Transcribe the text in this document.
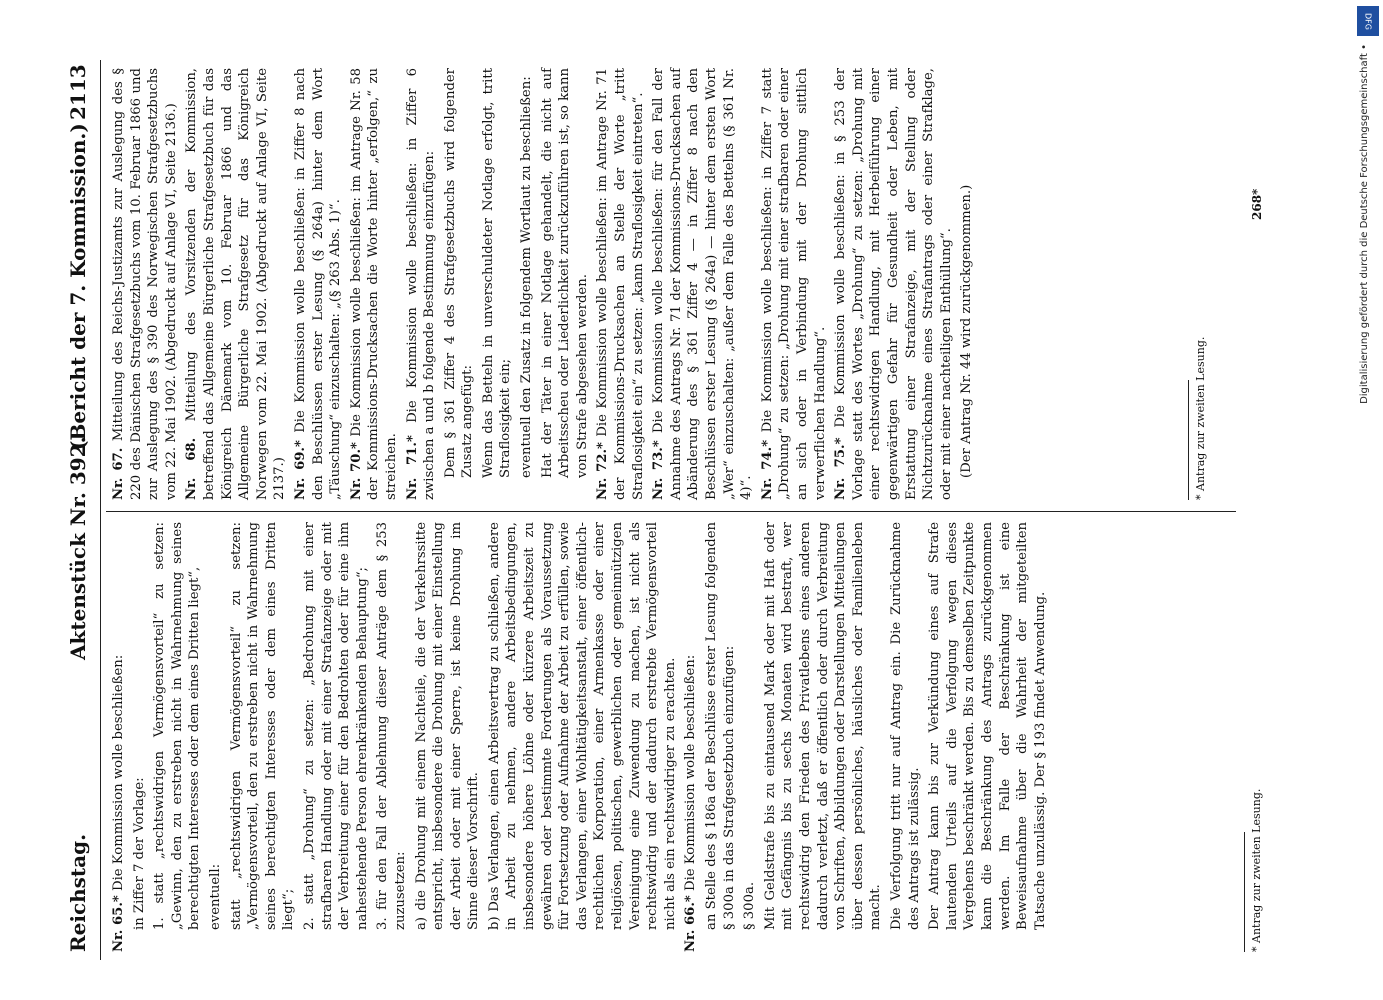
Reichstag.
Aktenstück Nr. 392.
(Bericht der 7. Kommission.)
2113

Nr. 65.* Die Kommission wolle beschließen: in Ziffer 7 der Vorlage: 1. statt „rechtswidrigen Vermögensvorteil“ zu setzen: „Gewinn, den zu erstreben nicht in Wahrnehmung seines berechtigten Interesses oder dem eines Dritten liegt“, eventuell: statt „rechtswidrigen Vermögensvorteil“ zu setzen: „Vermögensvorteil, den zu erstreben nicht in Wahrnehmung seines berechtigten Interesses oder dem eines Dritten liegt“; 2. statt „Drohung“ zu setzen: „Bedrohung mit einer strafbaren Handlung oder mit einer Strafanzeige oder mit der Verbreitung einer für den Bedrohten oder für eine ihm nahestehende Person ehrenkränkenden Behauptung“; 3. für den Fall der Ablehnung dieser Anträge dem § 253 zuzusetzen: a) die Drohung mit einem Nachteile, die der Verkehrssitte entspricht, insbesondere die Drohung mit einer Einstellung der Arbeit oder mit einer Sperre, ist keine Drohung im Sinne dieser Vorschrift. b) Das Verlangen, einen Arbeitsvertrag zu schließen, andere in Arbeit zu nehmen, andere Arbeitsbedingungen, insbesondere höhere Löhne oder kürzere Arbeitszeit zu gewähren oder bestimmte Forderungen als Voraussetzung für Fortsetzung oder Aufnahme der Arbeit zu erfüllen, sowie das Verlangen, einer Wohltätigkeitsanstalt, einer öffentlich-rechtlichen Korporation, einer Armenkasse oder einer religiösen, politischen, gewerblichen oder gemeinnützigen Vereinigung eine Zuwendung zu machen, ist nicht als rechtswidrig und der dadurch erstrebte Vermögensvorteil nicht als ein rechtswidriger zu erachten. Nr. 66.* Die Kommission wolle beschließen: an Stelle des § 186a der Beschlüsse erster Lesung folgenden § 300a in das Strafgesetzbuch einzufügen: § 300a. Mit Geldstrafe bis zu eintausend Mark oder mit Haft oder mit Gefängnis bis zu sechs Monaten wird bestraft, wer rechtswidrig den Frieden des Privatlebens eines anderen dadurch verletzt, daß er öffentlich oder durch Verbreitung von Schriften, Abbildungen oder Darstellungen Mitteilungen über dessen persönliches, häusliches oder Familienleben macht. Die Verfolgung tritt nur auf Antrag ein. Die Zurücknahme des Antrags ist zulässig. Der Antrag kann bis zur Verkündung eines auf Strafe lautenden Urteils auf die Verfolgung wegen dieses Vergehens beschränkt werden. Bis zu demselben Zeitpunkte kann die Beschränkung des Antrags zurückgenommen werden. Im Falle der Beschränkung ist eine Beweisaufnahme über die Wahrheit der mitgeteilten Tatsache unzulässig. Der § 193 findet Anwendung.

Nr. 67. Mitteilung des Reichs-Justizamts zur Auslegung des § 220 des Dänischen Strafgesetzbuchs vom 10. Februar 1866 und zur Auslegung des § 390 des Norwegischen Strafgesetzbuchs vom 22. Mai 1902. (Abgedruckt auf Anlage VI, Seite 2136.) Nr. 68. Mitteilung des Vorsitzenden der Kommission, betreffend das Allgemeine Bürgerliche Strafgesetzbuch für das Königreich Dänemark vom 10. Februar 1866 und das Allgemeine Bürgerliche Strafgesetz für das Königreich Norwegen vom 22. Mai 1902. (Abgedruckt auf Anlage VI, Seite 2137.) Nr. 69.* Die Kommission wolle beschließen: in Ziffer 8 nach den Beschlüssen erster Lesung (§ 264a) hinter dem Wort „Täuschung“ einzuschalten: „(§ 263 Abs. 1)“. Nr. 70.* Die Kommission wolle beschließen: im Antrage Nr. 58 der Kommissions-Drucksachen die Worte hinter „erfolgen,“ zu streichen. Nr. 71.* Die Kommission wolle beschließen: in Ziffer 6 zwischen a und b folgende Bestimmung einzufügen: Dem § 361 Ziffer 4 des Strafgesetzbuchs wird folgender Zusatz angefügt: Wenn das Betteln in unverschuldeter Notlage erfolgt, tritt Straflosigkeit ein; eventuell den Zusatz in folgendem Wortlaut zu beschließen: Hat der Täter in einer Notlage gehandelt, die nicht auf Arbeitsscheu oder Liederlichkeit zurückzuführen ist, so kann von Strafe abgesehen werden. Nr. 72.* Die Kommission wolle beschließen: im Antrage Nr. 71 der Kommissions-Drucksachen an Stelle der Worte „tritt Straflosigkeit ein“ zu setzen: „kann Straflosigkeit eintreten“. Nr. 73.* Die Kommission wolle beschließen: für den Fall der Annahme des Antrags Nr. 71 der Kommissions-Drucksachen auf Abänderung des § 361 Ziffer 4 — in Ziffer 8 nach den Beschlüssen erster Lesung (§ 264a) — hinter dem ersten Wort „Wer“ einzuschalten: „außer dem Falle des Bettelns (§ 361 Nr. 4)“. Nr. 74.* Die Kommission wolle beschließen: in Ziffer 7 statt „Drohung“ zu setzen: „Drohung mit einer strafbaren oder einer an sich oder in Verbindung mit der Drohung sittlich verwerflichen Handlung“. Nr. 75.* Die Kommission wolle beschließen: in § 253 der Vorlage statt des Wortes „Drohung“ zu setzen: „Drohung mit einer rechtswidrigen Handlung, mit Herbeiführung einer gegenwärtigen Gefahr für Gesundheit oder Leben, mit Erstattung einer Strafanzeige, mit der Stellung oder Nichtzurücknahme eines Strafantrags oder einer Strafklage, oder mit einer nachteiligen Enthüllung“. (Der Antrag Nr. 44 wird zurückgenommen.)

* Antrag zur zweiten Lesung.
* Antrag zur zweiten Lesung.
268*
DFG
Digitalisierung gefördert durch die Deutsche Forschungsgemeinschaft •
